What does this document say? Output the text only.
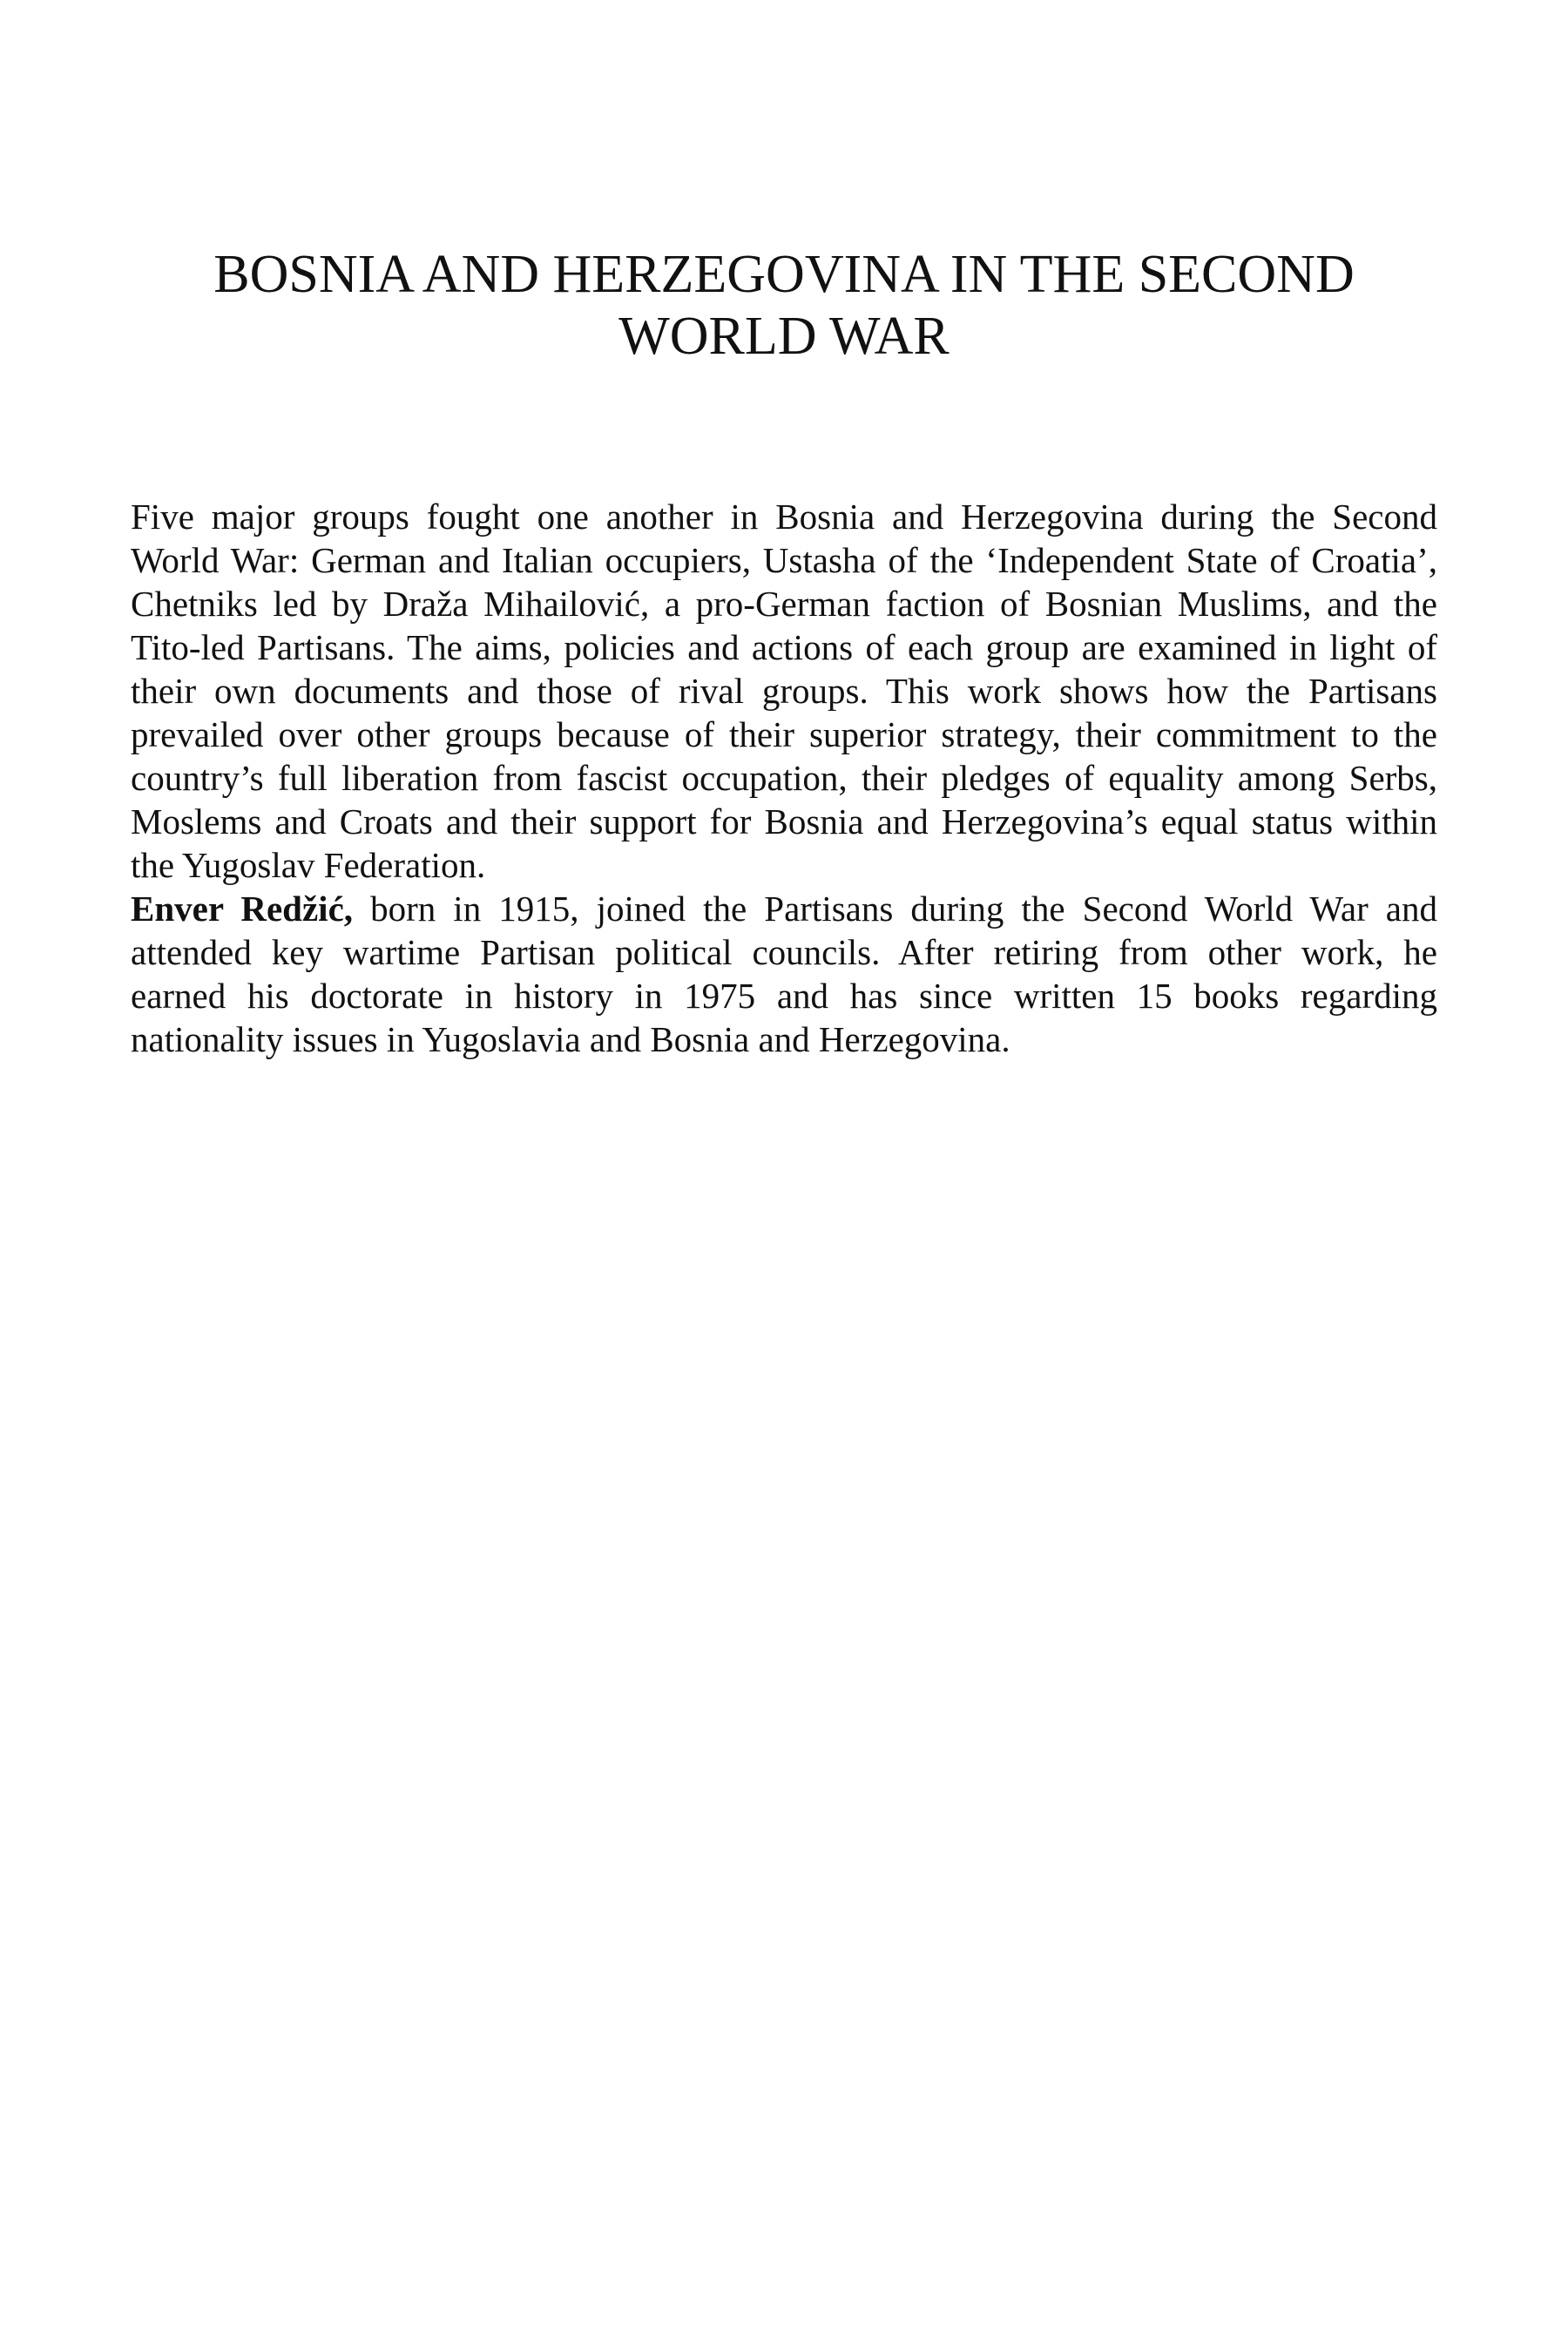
BOSNIA AND HERZEGOVINA IN THE SECOND
WORLD WAR
Five major groups fought one another in Bosnia and Herzegovina during the Second
World War: German and Italian occupiers, Ustasha of the ‘Independent State of Croatia’,
Chetniks led by Draža Mihailović, a pro-German faction of Bosnian Muslims, and the
Tito-led Partisans. The aims, policies and actions of each group are examined in light of
their own documents and those of rival groups. This work shows how the Partisans
prevailed over other groups because of their superior strategy, their commitment to the
country’s full liberation from fascist occupation, their pledges of equality among Serbs,
Moslems and Croats and their support for Bosnia and Herzegovina’s equal status within
the Yugoslav Federation.
Enver Redžić, born in 1915, joined the Partisans during the Second World War and
attended key wartime Partisan political councils. After retiring from other work, he
earned his doctorate in history in 1975 and has since written 15 books regarding
nationality issues in Yugoslavia and Bosnia and Herzegovina.
